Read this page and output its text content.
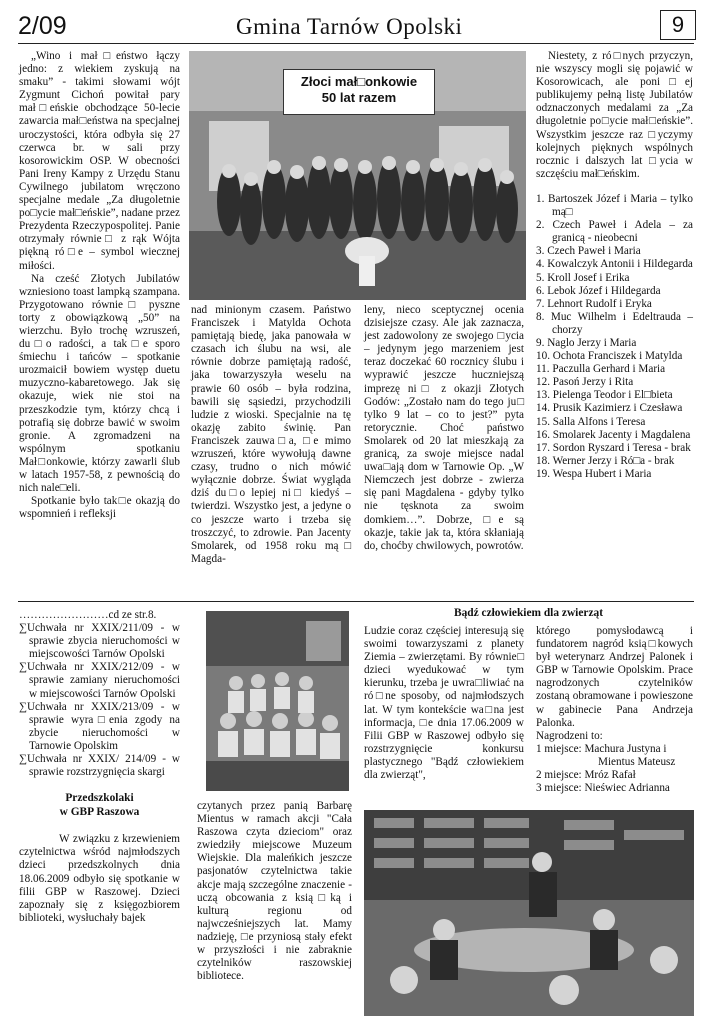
2/09	Gmina Tarnów Opolski	9
Złoci mał□onkowie
50 lat razem

„Wino i mał□eństwo łączy jedno: z wiekiem zyskują na smaku” - takimi słowami wójt Zygmunt Cichoń powitał pary mał□eńskie obchodzące 50-lecie zawarcia mał□eństwa na specjalnej uroczystości, która odbyła się 27 czerwca br. w sali przy kosorowickim OSP. W obecności Pani Ireny Kampy z Urzędu Stanu Cywilnego jubilatom wręczono specjalne medale „Za długoletnie po□ycie mał□eńskie”, nadane przez Prezydenta Rzeczypospolitej. Panie otrzymały równie□ z rąk Wójta piękną ró□e – symbol wiecznej miłości.

Na cześć Złotych Jubilatów wzniesiono toast lampką szampana. Przygotowano równie□ pyszne torty z obowiązkową „50” na wierzchu. Było trochę wzruszeń, du□o radości, a tak□e sporo śmiechu i tańców – spotkanie urozmaicił bowiem występ duetu muzyczno-kabaretowego. Jak się okazuje, wiek nie stoi na przeszkodzie tym, którzy chcą i potrafią się dobrze bawić w swoim gronie. A zgromadzeni na wspólnym spotkaniu Mał□onkowie, którzy zawarli ślub w latach 1957-58, z pewnością do nich nale□eli.

Spotkanie było tak□e okazją do wspomnień i refleksji

nad minionym czasem. Państwo Franciszek i Matylda Ochota pamiętają biedę, jaka panowała w czasach ich ślubu na wsi, ale równie dobrze pamiętają radość, jaka towarzyszyła weselu na prawie 60 osób – była rodzina, bawili się sąsiedzi, przychodzili ludzie z wioski. Specjalnie na tę okazję zabito świnię. Pan Franciszek zauwa□a, □e mimo wzruszeń, które wywołują dawne czasy, trudno o nich mówić wyłącznie dobrze. Świat wygląda dziś du□o lepiej ni□ kiedyś – twierdzi. Wszystko jest, a jedyne o co jeszcze warto i trzeba się troszczyć, to zdrowie. Pan Jacenty Smolarek, od 1958 roku mą□ Magda-

leny, nieco sceptycznej ocenia dzisiejsze czasy. Ale jak zaznacza, jest zadowolony ze swojego □ycia – jedynym jego marzeniem jest teraz doczekać 60 rocznicy ślubu i wyprawić jeszcze huczniejszą imprezę ni□ z okazji Złotych Godów: „Zostało nam do tego ju□ tylko 9 lat – co to jest?” pyta retorycznie. Choć państwo Smolarek od 20 lat mieszkają za granicą, za swoje miejsce nadal uwa□ają dom w Tarnowie Op. „W Niemczech jest dobrze - zwierza się pani Magdalena - gdyby tylko nie tęsknota za swoim domkiem…”. Dobrze, □e są okazje, takie jak ta, która skłaniają do, choćby chwilowych, powrotów.

Niestety, z ró□nych przyczyn, nie wszyscy mogli się pojawić w Kosorowicach, ale poni□ej publikujemy pełną listę Jubilatów odznaczonych medalami za „Za długoletnie po□ycie mał□eńskie”. Wszystkim jeszcze raz □yczymy kolejnych pięknych wspólnych rocznic i dalszych lat □ycia w szczęściu mał□eńskim.

1. Bartoszek Józef i Maria – tylko mą□
2. Czech Paweł i Adela – za granicą - nieobecni
3. Czech Paweł i Maria
4. Kowalczyk Antonii i Hildegarda
5. Kroll Josef i Erika
6. Lebok Józef i Hildegarda
7. Lehnort Rudolf i Eryka
8. Muc Wilhelm i Edeltrauda – chorzy
9. Naglo Jerzy i Maria
10. Ochota Franciszek i Matylda
11. Paczulla Gerhard i Maria
12. Pasoń Jerzy i Rita
13. Pielenga Teodor i El□bieta
14. Prusik Kazimierz i Czesława
15. Salla Alfons i Teresa
16. Smolarek Jacenty i Magdalena
17. Sordon Ryszard i Teresa - brak
18. Werner Jerzy i Ró□a - brak
19. Wespa Hubert i Maria

……………………cd ze str.8.

∑Uchwała nr XXIX/211/09 - w sprawie zbycia nieruchomości w miejscowości Tarnów Opolski
∑Uchwała nr XXIX/212/09 - w sprawie zamiany nieruchomości w miejscowości Tarnów Opolski
∑Uchwała nr XXIX/213/09 - w sprawie wyra□enia zgody na zbycie nieruchomości w Tarnowie Opolskim
∑Uchwała nr XXIX/ 214/09 - w sprawie rozstrzygnięcia skargi
Przedszkolaki
w GBP Raszowa

W związku z krzewieniem czytelnictwa wśród najmłodszych dzieci przedszkolnych dnia 18.06.2009 odbyło się spotkanie w filii GBP w Raszowej. Dzieci zapoznały się z księgozbiorem biblioteki, wysłuchały bajek

czytanych przez panią Barbarę Mientus w ramach akcji "Cała Raszowa czyta dzieciom" oraz zwiedziły miejscowe Muzeum Wiejskie. Dla maleńkich jeszcze pasjonatów czytelnictwa takie akcje mają szczególne znaczenie - uczą obcowania z ksią□ką i kulturą regionu od najwcześniejszych lat. Mamy nadzieję, □e przyniosą stały efekt w przyszłości i nie zabraknie czytelników raszowskiej bibliotece.

Bądź człowiekiem dla zwierząt

Ludzie coraz częściej interesują się swoimi towarzyszami z planety Ziemia – zwierzętami. By równie□ dzieci wyedukować w tym kierunku, trzeba je uwra□liwiać na ró□ne sposoby, od najmłodszych lat. W tym kontekście wa□na jest informacja, □e dnia 17.06.2009 w Filii GBP w Raszowej odbyło się rozstrzygnięcie konkursu plastycznego "Bądź człowiekiem dla zwierząt",

którego pomysłodawcą i fundatorem nagród ksią□kowych był weterynarz Andrzej Palonek i GBP w Tarnowie Opolskim. Prace nagrodzonych czytelników zostaną obramowane i powieszone w gabinecie Pana Andrzeja Palonka.

Nagrodzeni to:

1 miejsce: Machura Justyna i

Mientus Mateusz

2 miejsce: Mróz Rafał

3 miejsce: Nieświec Adrianna
